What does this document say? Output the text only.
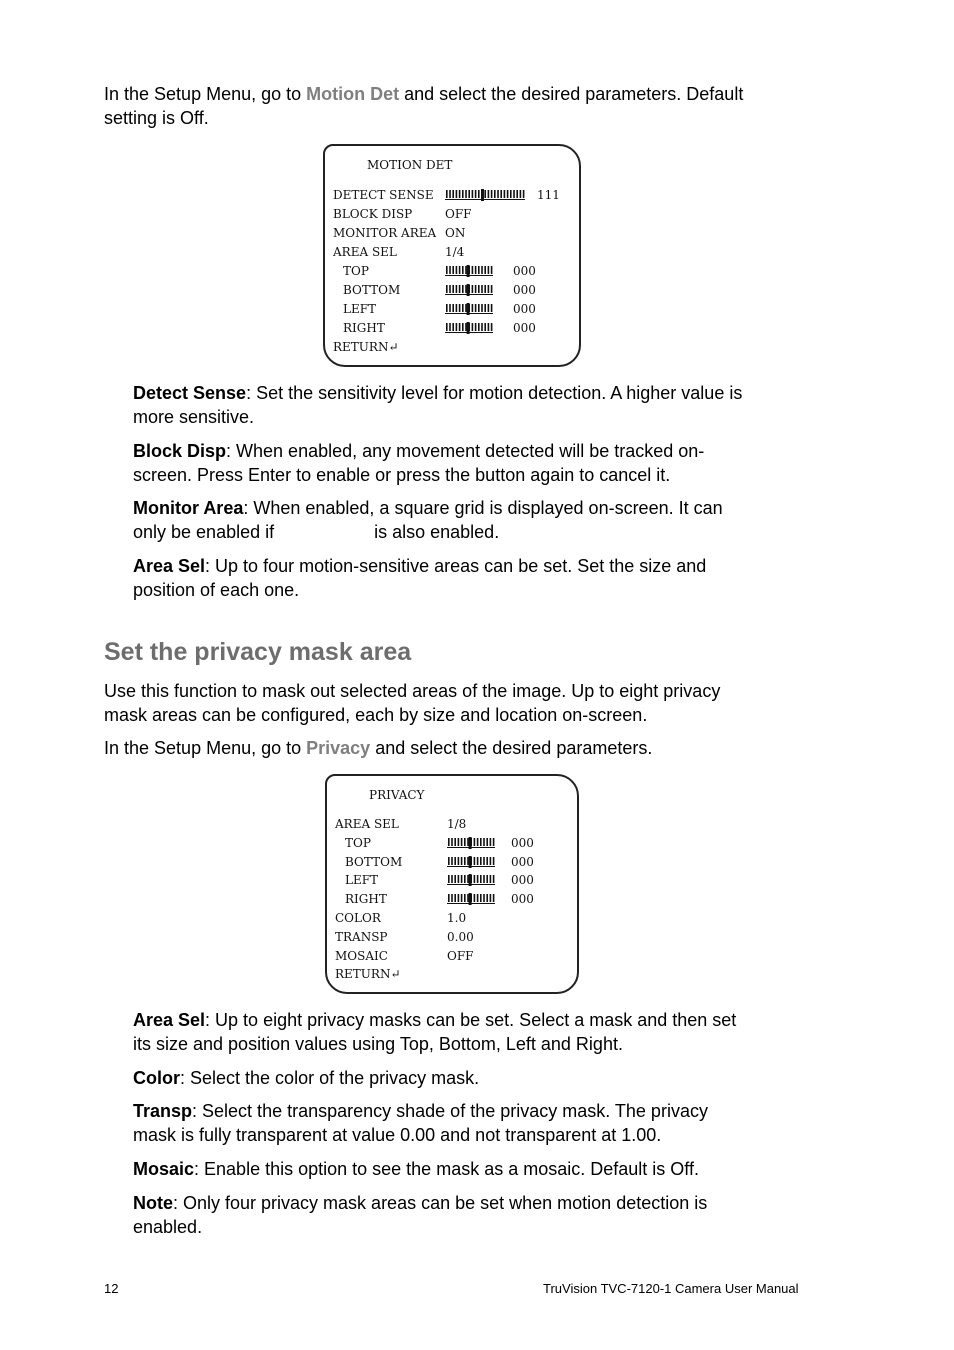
In the Setup Menu, go to Motion Det and select the desired parameters. Default
setting is Off.

MOTION DET
DETECT SENSE	111
BLOCK DISP	OFF
MONITOR AREA ON
AREA SEL	1/4
TOP	000
BOTTOM	000
LEFT	000
RIGHT	000
RETURN↵

Detect Sense: Set the sensitivity level for motion detection. A higher value is
more sensitive.

Block Disp: When enabled, any movement detected will be tracked on-
screen. Press Enter to enable or press the button again to cancel it.

Monitor Area: When enabled, a square grid is displayed on-screen. It can
only be enabled if	is also enabled.

Area Sel: Up to four motion-sensitive areas can be set. Set the size and
position of each one.

Set the privacy mask area

Use this function to mask out selected areas of the image. Up to eight privacy
mask areas can be configured, each by size and location on-screen.

In the Setup Menu, go to Privacy and select the desired parameters.

PRIVACY
AREA SEL	1/8
TOP	000
BOTTOM	000
LEFT	000
RIGHT	000
COLOR	1.0
TRANSP	0.00
MOSAIC	OFF
RETURN↵

Area Sel: Up to eight privacy masks can be set. Select a mask and then set
its size and position values using Top, Bottom, Left and Right.

Color: Select the color of the privacy mask.

Transp: Select the transparency shade of the privacy mask. The privacy
mask is fully transparent at value 0.00 and not transparent at 1.00.

Mosaic: Enable this option to see the mask as a mosaic. Default is Off.

Note: Only four privacy mask areas can be set when motion detection is
enabled.

12	TruVision TVC-7120-1 Camera User Manual
